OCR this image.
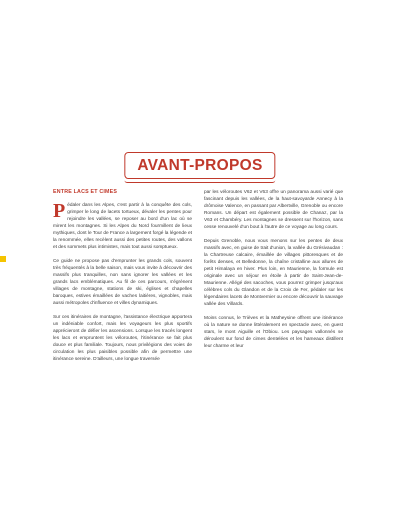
AVANT-PROPOS
ENTRE LACS ET CIMES

Pédaler dans les Alpes, c'est partir à la conquête des cols, grimper le long de lacets tortueux, dévaler les pentes pour rejoindre les vallées, se reposer au bord d'un lac où se mirent les montagnes. Si les Alpes du Nord fourmillent de lieux mythiques, dont le Tour de France a largement forgé la légende et la renommée, elles recèlent aussi des petites routes, des vallons et des sommets plus intimistes, mais tout aussi somptueux.

Ce guide ne propose pas d'emprunter les grands cols, souvent très fréquentés à la belle saison, mais vous invite à découvrir des massifs plus tranquilles, non sans ignorer les vallées et les grands lacs emblématiques. Au fil de ces parcours, s'égrènent villages de montagne, stations de ski, églises et chapelles baroques, estives émaillées de vaches laitières, vignobles, mais aussi métropoles d'influence et villes dynamiques.

Sur ces itinéraires de montagne, l'assistance électrique apportera un indéniable confort, mais les voyageurs les plus sportifs apprécieront de défier les ascensions. Lorsque les tracés longent les lacs et empruntent les véloroutes, l'itinérance se fait plus douce et plus familiale. Toujours, nous privilégions des voies de circulation les plus paisibles possible afin de permettre une itinérance sereine. D'ailleurs, une longue traversée

par les véloroutes V62 et V63 offre un panorama aussi varié que fascinant depuis les vallées, de la haut-savoyarde Annecy à la drômoise Valence, en passant par Albertville, Grenoble ou encore Romans. Un départ est également possible de Chanaz, par la V63 et Chambéry. Les montagnes se dressent sur l'horizon, sans cesse renouvelé d'un bout à l'autre de ce voyage au long cours.

Depuis Grenoble, nous vous menons sur les pentes de deux massifs avec, en guise de trait d'union, la vallée du Grésivaudan : la Chartreuse calcaire, émaillée de villages pittoresques et de forêts denses, et Belledonne, la chaîne cristalline aux allures de petit Himalaya en hiver. Plus loin, en Maurienne, la formule est originale avec un séjour en étoile à partir de Saint-Jean-de-Maurienne. Allégé des sacoches, vous pourrez grimper jusqu'aux célèbres cols du Glandon et de la Croix de Fer, pédaler sur les légendaires lacets de Montvernier ou encore découvrir la sauvage vallée des Villards.

Moins connus, le Trièves et la Matheysine offrent une itinérance où la nature se donne littéralement en spectacle avec, en guest stars, le mont Aiguille et l'Obiou. Les paysages vallonnés se déroulent sur fond de cimes dentelées et les hameaux distillent leur charme et leur
